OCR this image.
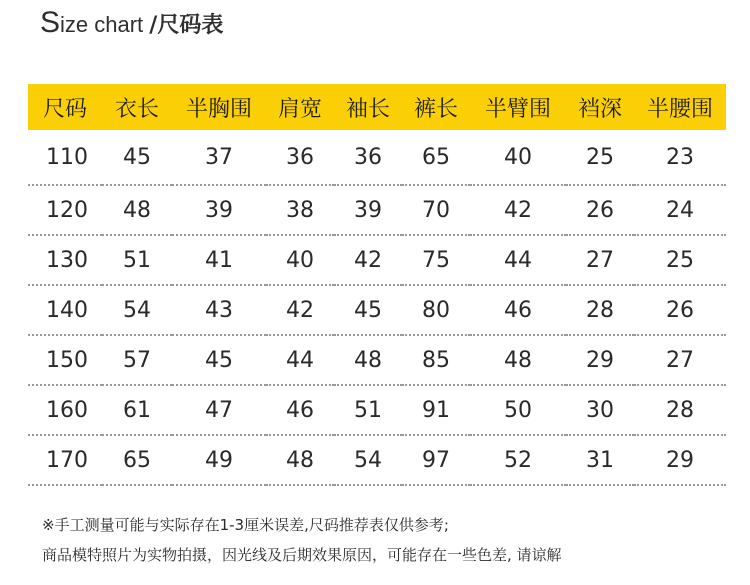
Size chart /尺码表
尺码	衣长	半胸围	肩宽	袖长	裤长	半臂围	裆深	半腰围
110	45	37	36	36	65	40	25	23
120	48	39	38	39	70	42	26	24
130	51	41	40	42	75	44	27	25
140	54	43	42	45	80	46	28	26
150	57	45	44	48	85	48	29	27
160	61	47	46	51	91	50	30	28
170	65	49	48	54	97	52	31	29
※手工测量可能与实际存在1-3厘米误差,尺码推荐表仅供参考;
商品模特照片为实物拍摄，因光线及后期效果原因，可能存在一些色差, 请谅解
